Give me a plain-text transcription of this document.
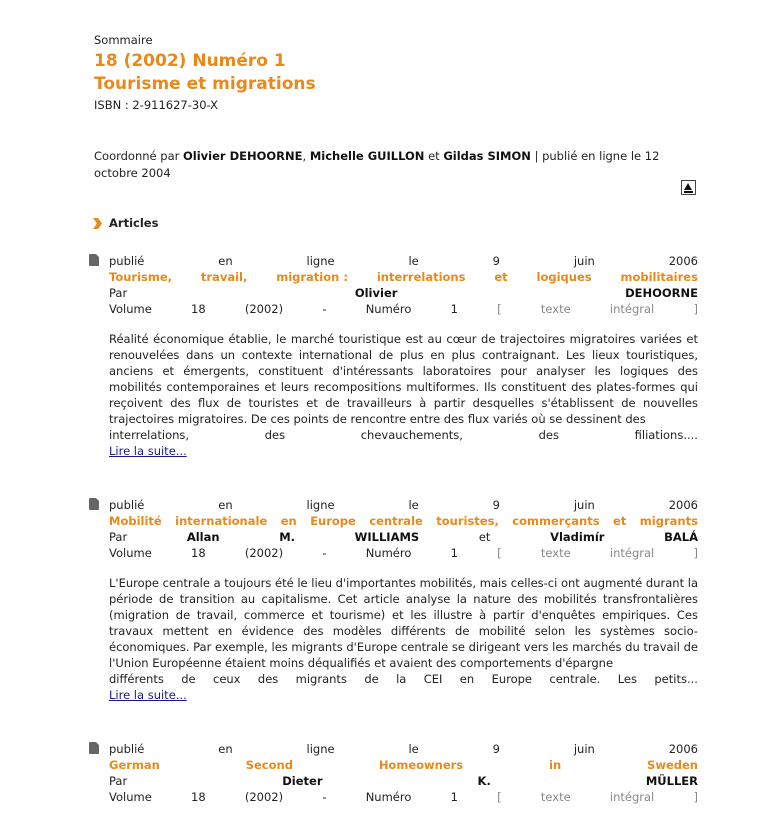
Sommaire
18 (2002) Numéro 1
Tourisme et migrations
ISBN : 2-911627-30-X
Coordonné par Olivier DEHOORNE, Michelle GUILLON et Gildas SIMON | publié en ligne le 12
octobre 2004
Articles
publié	en	ligne	le	9	juin	2006
Tourisme,	travail,	migration :	interrelations	et	logiques	mobilitaires
Par	Olivier	DEHOORNE
Volume	18	(2002)	-	Numéro	1	[	texte	intégral	]
Réalité économique établie, le marché touristique est au cœur de trajectoires migratoires variées et renouvelées dans un contexte international de plus en plus contraignant. Les lieux touristiques, anciens et émergents, constituent d'intéressants laboratoires pour analyser les logiques des mobilités contemporaines et leurs recompositions multiformes. Ils constituent des plates-formes qui reçoivent des flux de touristes et de travailleurs à partir desquelles s'établissent de nouvelles trajectoires migratoires. De ces points de rencontre entre des flux variés où se dessinent des
interrelations,	des	chevauchements,	des	filiations....
Lire la suite...
publié	en	ligne	le	9	juin	2006
Mobilité internationale en Europe centrale touristes, commerçants et migrants
Par	Allan	M.	WILLIAMS	et	Vladimír	BALÁ
Volume	18	(2002)	-	Numéro	1	[	texte	intégral	]
L'Europe centrale a toujours été le lieu d'importantes mobilités, mais celles-ci ont augmenté durant la période de transition au capitalisme. Cet article analyse la nature des mobilités transfrontalières (migration de travail, commerce et tourisme) et les illustre à partir d'enquêtes empiriques. Ces travaux mettent en évidence des modèles différents de mobilité selon les systèmes socio-économiques. Par exemple, les migrants d'Europe centrale se dirigeant vers les marchés du travail de l'Union Européenne étaient moins déqualifiés et avaient des comportements d'épargne
différents de ceux des migrants de la CEI en Europe centrale. Les petits...
Lire la suite...
publié	en	ligne	le	9	juin	2006
German	Second	Homeowners	in	Sweden
Par	Dieter	K.	MÜLLER
Volume	18	(2002)	-	Numéro	1	[	texte	intégral	]
